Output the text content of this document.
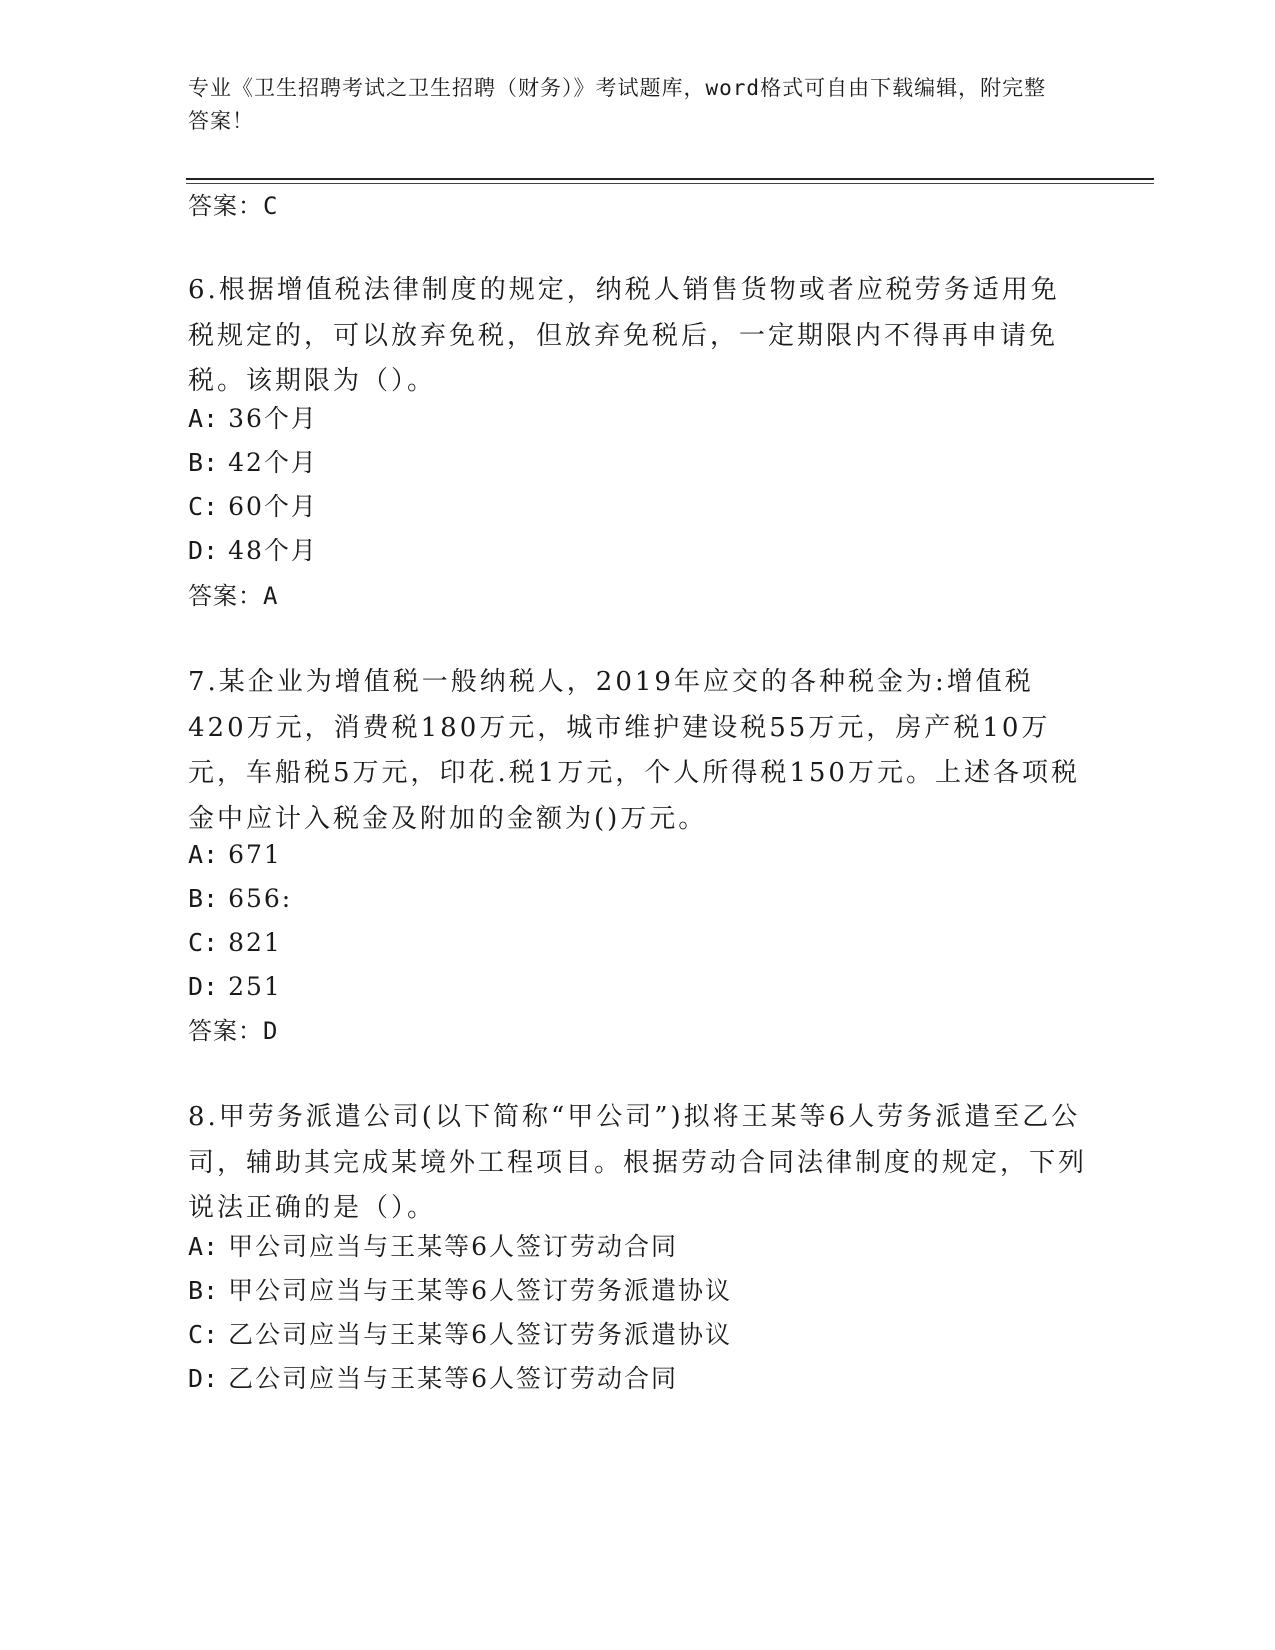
专业《卫生招聘考试之卫生招聘（财务）》考试题库，word格式可自由下载编辑，附完整答案！
答案：C
6.根据增值税法律制度的规定，纳税人销售货物或者应税劳务适用免税规定的，可以放弃免税，但放弃免税后，一定期限内不得再申请免税。该期限为（）。
A: 36个月
B: 42个月
C: 60个月
D: 48个月
答案：A
7.某企业为增值税一般纳税人，2019年应交的各种税金为:增值税420万元，消费税180万元，城市维护建设税55万元，房产税10万元，车船税5万元，印花.税1万元，个人所得税150万元。上述各项税金中应计入税金及附加的金额为()万元。
A: 671
B: 656:
C: 821
D: 251
答案：D
8.甲劳务派遣公司(以下简称“甲公司”)拟将王某等6人劳务派遣至乙公司，辅助其完成某境外工程项目。根据劳动合同法律制度的规定，下列说法正确的是（）。
A: 甲公司应当与王某等6人签订劳动合同
B: 甲公司应当与王某等6人签订劳务派遣协议
C: 乙公司应当与王某等6人签订劳务派遣协议
D: 乙公司应当与王某等6人签订劳动合同
